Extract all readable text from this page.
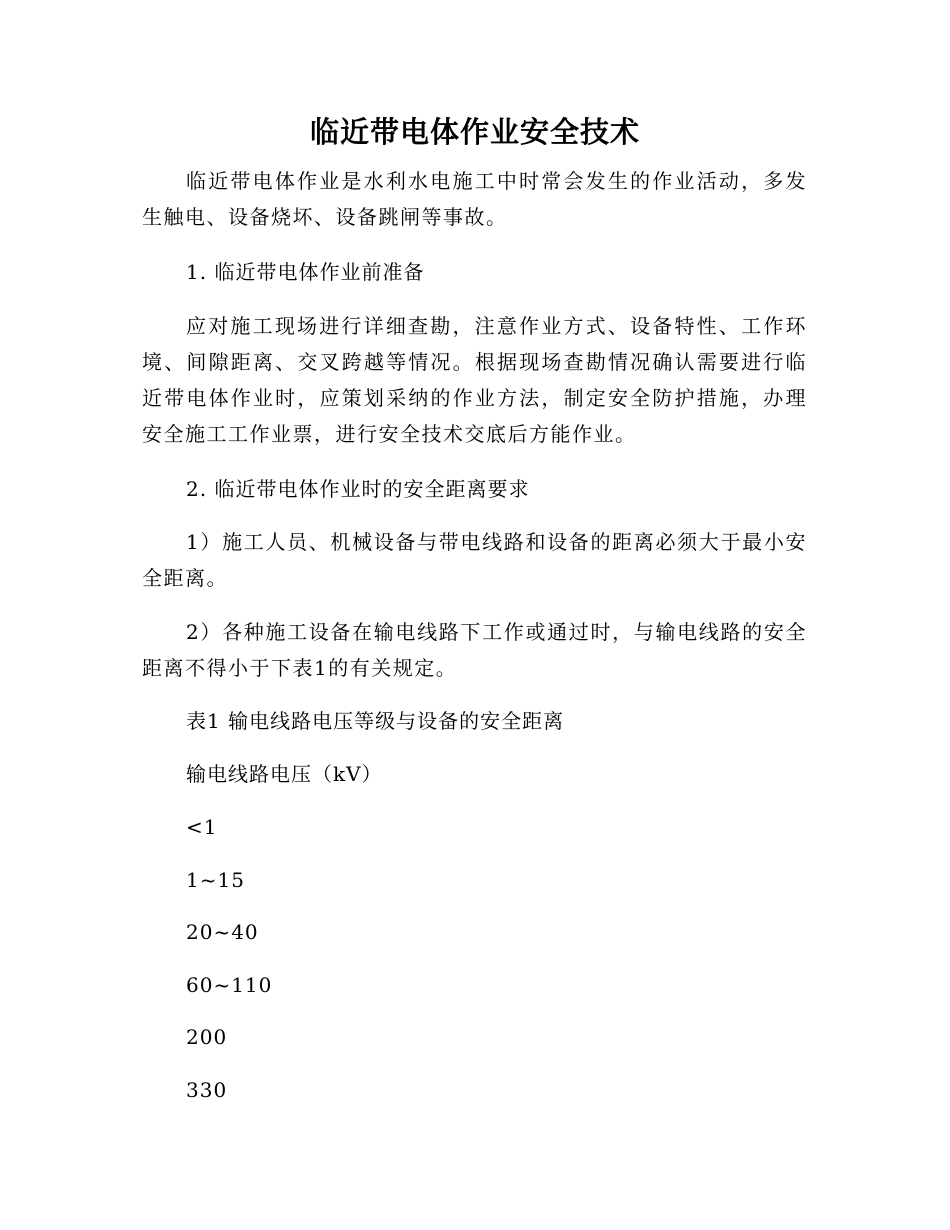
临近带电体作业安全技术

临近带电体作业是水利水电施工中时常会发生的作业活动，多发生触电、设备烧坏、设备跳闸等事故。

1. 临近带电体作业前准备

应对施工现场进行详细查勘，注意作业方式、设备特性、工作环境、间隙距离、交叉跨越等情况。根据现场查勘情况确认需要进行临近带电体作业时，应策划采纳的作业方法，制定安全防护措施，办理安全施工工作业票，进行安全技术交底后方能作业。

2. 临近带电体作业时的安全距离要求

1）施工人员、机械设备与带电线路和设备的距离必须大于最小安全距离。

2）各种施工设备在输电线路下工作或通过时，与输电线路的安全距离不得小于下表1的有关规定。

表1 输电线路电压等级与设备的安全距离
输电线路电压（kV）
<1
1~15
20~40
60~110
200
330
